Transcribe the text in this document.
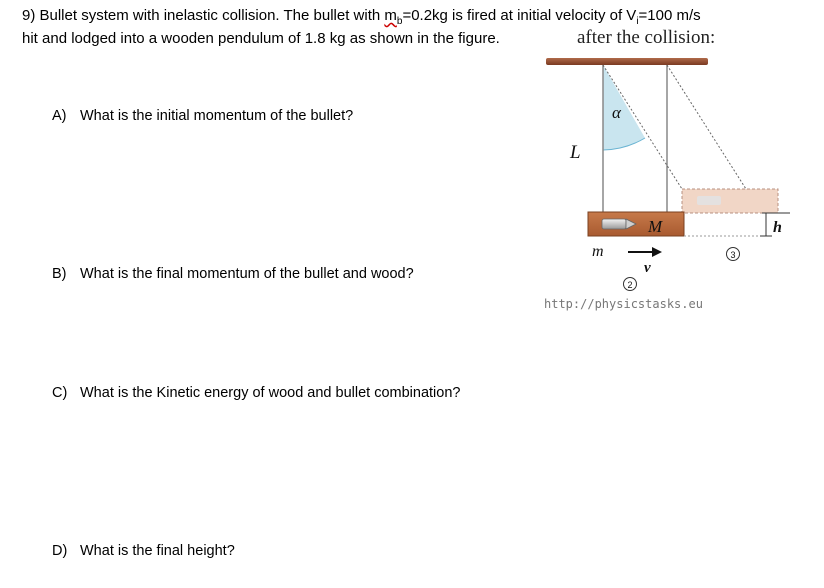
9) Bullet system with inelastic collision. The bullet with $m_b=0.2kg$ is fired at initial velocity of $V_i=100$ m/s
hit and lodged into a wooden pendulum of 1.8 kg as shown in the figure.	after the collision:
A) What is the initial momentum of the bullet?
B) What is the final momentum of the bullet and wood?
C) What is the Kinetic energy of wood and bullet combination?
D) What is the final height?
α
L
M
m
v
h
2
3
http://physicstasks.eu
